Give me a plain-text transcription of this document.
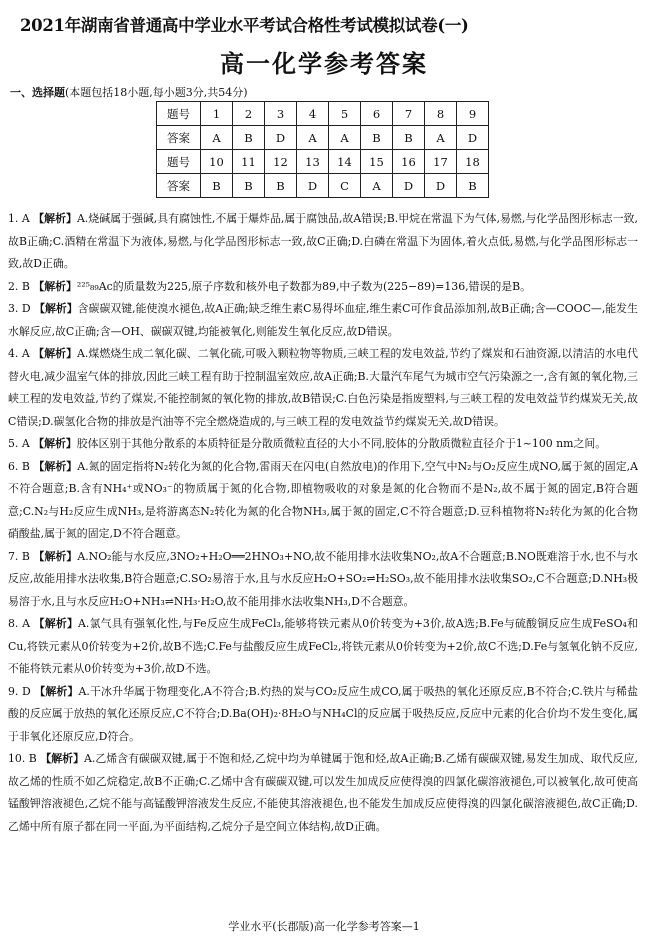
2021年湖南省普通高中学业水平考试合格性考试模拟试卷(一)
高一化学参考答案
一、选择题(本题包括18小题,每小题3分,共54分)
题号	1	2	3	4	5	6	7	8	9
答案	A	B	D	A	A	B	B	A	D
题号	10	11	12	13	14	15	16	17	18
答案	B	B	B	D	C	A	D	D	B
1. A 【解析】A.烧碱属于强碱,具有腐蚀性,不属于爆炸品,属于腐蚀品,故A错误;B.甲烷在常温下为气体,易燃,与化学品图形标志一致,故B正确;C.酒精在常温下为液体,易燃,与化学品图形标志一致,故C正确;D.白磷在常温下为固体,着火点低,易燃,与化学品图形标志一致,故D正确。
2. B 【解析】²²⁵₈₉Ac的质量数为225,原子序数和核外电子数都为89,中子数为(225−89)=136,错误的是B。
3. D 【解析】含碳碳双键,能使溴水褪色,故A正确;缺乏维生素C易得坏血症,维生素C可作食品添加剂,故B正确;含—COOC—,能发生水解反应,故C正确;含—OH、碳碳双键,均能被氧化,则能发生氧化反应,故D错误。
4. A 【解析】A.煤燃烧生成二氧化碳、二氧化硫,可吸入颗粒物等物质,三峡工程的发电效益,节约了煤炭和石油资源,以清洁的水电代替火电,减少温室气体的排放,因此三峡工程有助于控制温室效应,故A正确;B.大量汽车尾气为城市空气污染源之一,含有氮的氧化物,三峡工程的发电效益,节约了煤炭,不能控制氮的氧化物的排放,故B错误;C.白色污染是指废塑料,与三峡工程的发电效益节约煤炭无关,故C错误;D.碳氢化合物的排放是汽油等不完全燃烧造成的,与三峡工程的发电效益节约煤炭无关,故D错误。
5. A 【解析】胶体区别于其他分散系的本质特征是分散质微粒直径的大小不同,胶体的分散质微粒直径介于1~100 nm之间。
6. B 【解析】A.氮的固定指将N₂转化为氮的化合物,雷雨天在闪电(自然放电)的作用下,空气中N₂与O₂反应生成NO,属于氮的固定,A不符合题意;B.含有NH₄⁺或NO₃⁻的物质属于氮的化合物,即植物吸收的对象是氮的化合物而不是N₂,故不属于氮的固定,B符合题意;C.N₂与H₂反应生成NH₃,是将游离态N₂转化为氮的化合物NH₃,属于氮的固定,C不符合题意;D.豆科植物将N₂转化为氮的化合物硝酸盐,属于氮的固定,D不符合题意。
7. B 【解析】A.NO₂能与水反应,3NO₂+H₂O══2HNO₃+NO,故不能用排水法收集NO₂,故A不合题意;B.NO既难溶于水,也不与水反应,故能用排水法收集,B符合题意;C.SO₂易溶于水,且与水反应H₂O+SO₂⇌H₂SO₃,故不能用排水法收集SO₂,C不合题意;D.NH₃极易溶于水,且与水反应H₂O+NH₃⇌NH₃·H₂O,故不能用排水法收集NH₃,D不合题意。
8. A 【解析】A.氯气具有强氧化性,与Fe反应生成FeCl₃,能够将铁元素从0价转变为+3价,故A选;B.Fe与硫酸铜反应生成FeSO₄和Cu,将铁元素从0价转变为+2价,故B不选;C.Fe与盐酸反应生成FeCl₂,将铁元素从0价转变为+2价,故C不选;D.Fe与氢氧化钠不反应,不能将铁元素从0价转变为+3价,故D不选。
9. D 【解析】A.干冰升华属于物理变化,A不符合;B.灼热的炭与CO₂反应生成CO,属于吸热的氧化还原反应,B不符合;C.铁片与稀盐酸的反应属于放热的氧化还原反应,C不符合;D.Ba(OH)₂·8H₂O与NH₄Cl的反应属于吸热反应,反应中元素的化合价均不发生变化,属于非氧化还原反应,D符合。
10. B 【解析】A.乙烯含有碳碳双键,属于不饱和烃,乙烷中均为单键属于饱和烃,故A正确;B.乙烯有碳碳双键,易发生加成、取代反应,故乙烯的性质不如乙烷稳定,故B不正确;C.乙烯中含有碳碳双键,可以发生加成反应使得溴的四氯化碳溶液褪色,可以被氧化,故可使高锰酸钾溶液褪色,乙烷不能与高锰酸钾溶液发生反应,不能使其溶液褪色,也不能发生加成反应使得溴的四氯化碳溶液褪色,故C正确;D.乙烯中所有原子都在同一平面,为平面结构,乙烷分子是空间立体结构,故D正确。
学业水平(长郡版)高一化学参考答案—1
